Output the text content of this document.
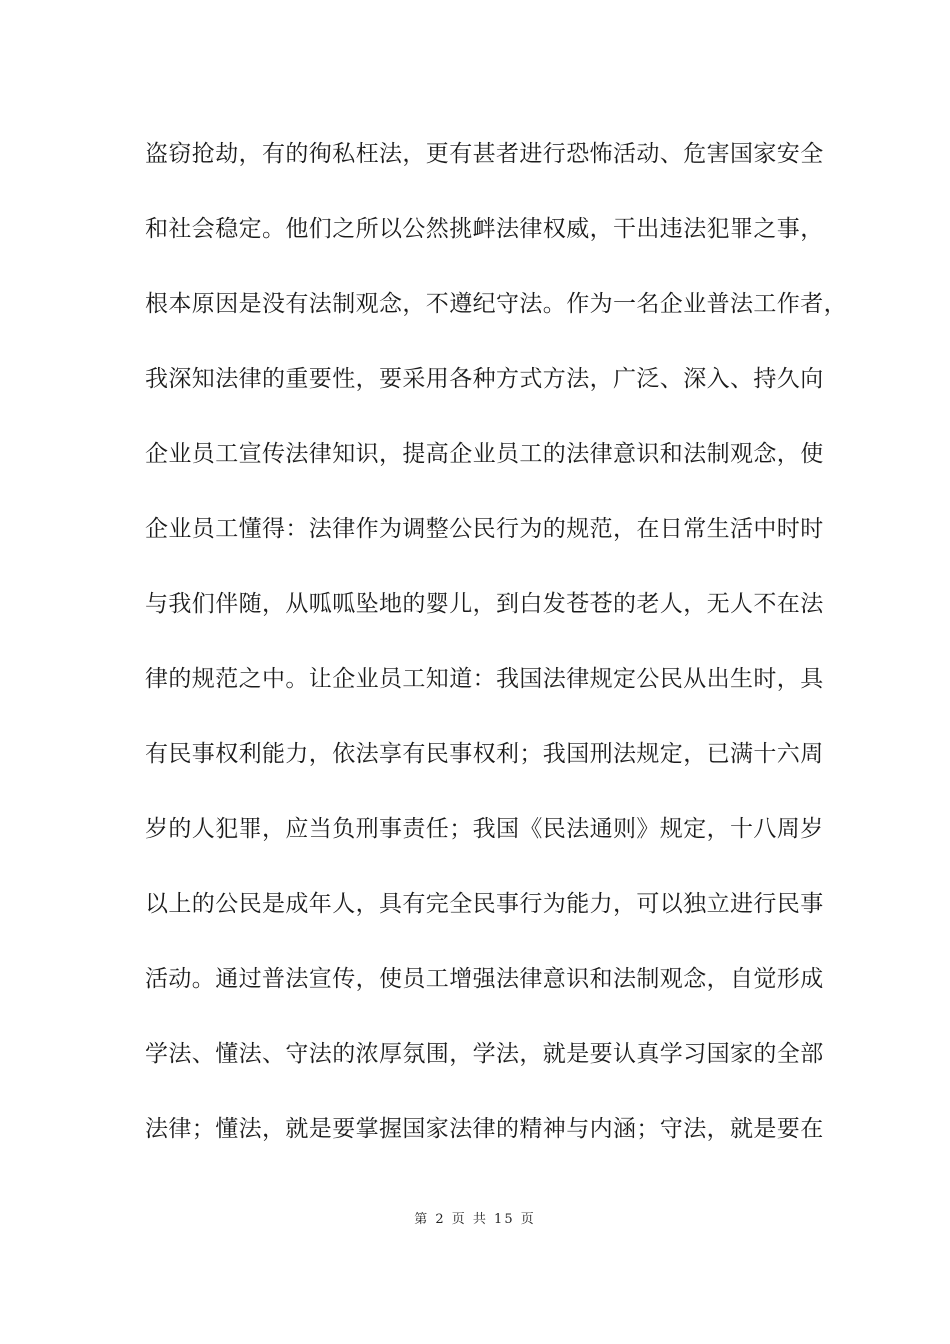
盗窃抢劫，有的徇私枉法，更有甚者进行恐怖活动、危害国家安全
和社会稳定。他们之所以公然挑衅法律权威，干出违法犯罪之事，
根本原因是没有法制观念，不遵纪守法。作为一名企业普法工作者，
我深知法律的重要性，要采用各种方式方法，广泛、深入、持久向
企业员工宣传法律知识，提高企业员工的法律意识和法制观念，使
企业员工懂得：法律作为调整公民行为的规范，在日常生活中时时
与我们伴随，从呱呱坠地的婴儿，到白发苍苍的老人，无人不在法
律的规范之中。让企业员工知道：我国法律规定公民从出生时，具
有民事权利能力，依法享有民事权利；我国刑法规定，已满十六周
岁的人犯罪，应当负刑事责任；我国《民法通则》规定，十八周岁
以上的公民是成年人，具有完全民事行为能力，可以独立进行民事
活动。通过普法宣传，使员工增强法律意识和法制观念，自觉形成
学法、懂法、守法的浓厚氛围，学法，就是要认真学习国家的全部
法律；懂法，就是要掌握国家法律的精神与内涵；守法，就是要在
第 2 页 共 15 页
